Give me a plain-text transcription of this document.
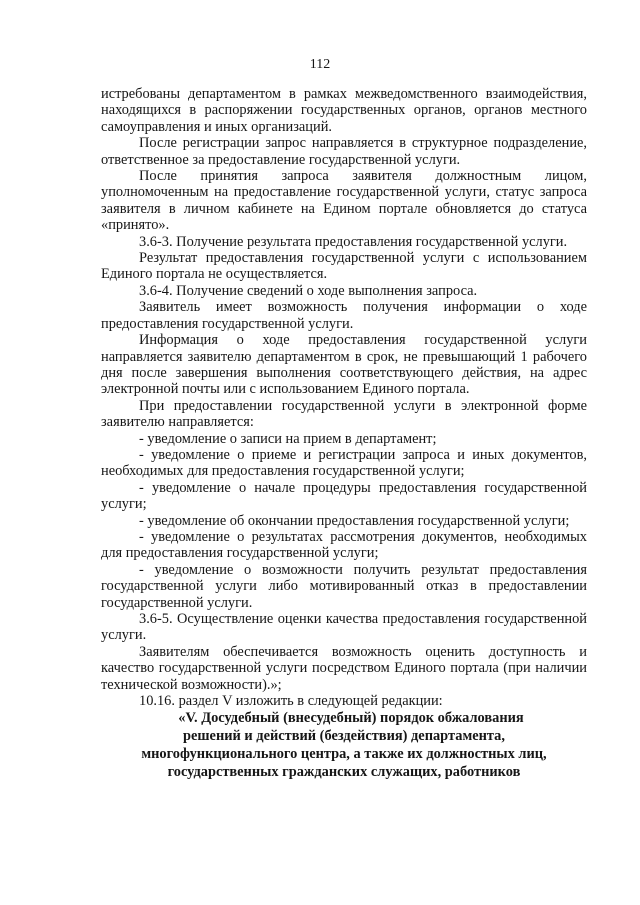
112

истребованы департаментом в рамках межведомственного взаимодействия, находящихся в распоряжении государственных органов, органов местного самоуправления и иных организаций.

После регистрации запрос направляется в структурное подразделение, ответственное за предоставление государственной услуги.

После принятия запроса заявителя должностным лицом, уполномоченным на предоставление государственной услуги, статус запроса заявителя в личном кабинете на Едином портале обновляется до статуса «принято».

3.6-3. Получение результата предоставления государственной услуги.

Результат предоставления государственной услуги с использованием Единого портала не осуществляется.

3.6-4. Получение сведений о ходе выполнения запроса.

Заявитель имеет возможность получения информации о ходе предоставления государственной услуги.

Информация о ходе предоставления государственной услуги направляется заявителю департаментом в срок, не превышающий 1 рабочего дня после завершения выполнения соответствующего действия, на адрес электронной почты или с использованием Единого портала.

При предоставлении государственной услуги в электронной форме заявителю направляется:

- уведомление о записи на прием в департамент;

- уведомление о приеме и регистрации запроса и иных документов, необходимых для предоставления государственной услуги;

- уведомление о начале процедуры предоставления государственной услуги;

- уведомление об окончании предоставления государственной услуги;

- уведомление о результатах рассмотрения документов, необходимых для предоставления государственной услуги;

- уведомление о возможности получить результат предоставления государственной услуги либо мотивированный отказ в предоставлении государственной услуги.

3.6-5. Осуществление оценки качества предоставления государственной услуги.

Заявителям обеспечивается возможность оценить доступность и качество государственной услуги посредством Единого портала (при наличии технической возможности).»;

10.16. раздел V изложить в следующей редакции:

«V. Досудебный (внесудебный) порядок обжалования
решений и действий (бездействия) департамента,
многофункционального центра, а также их должностных лиц,
государственных гражданских служащих, работников
